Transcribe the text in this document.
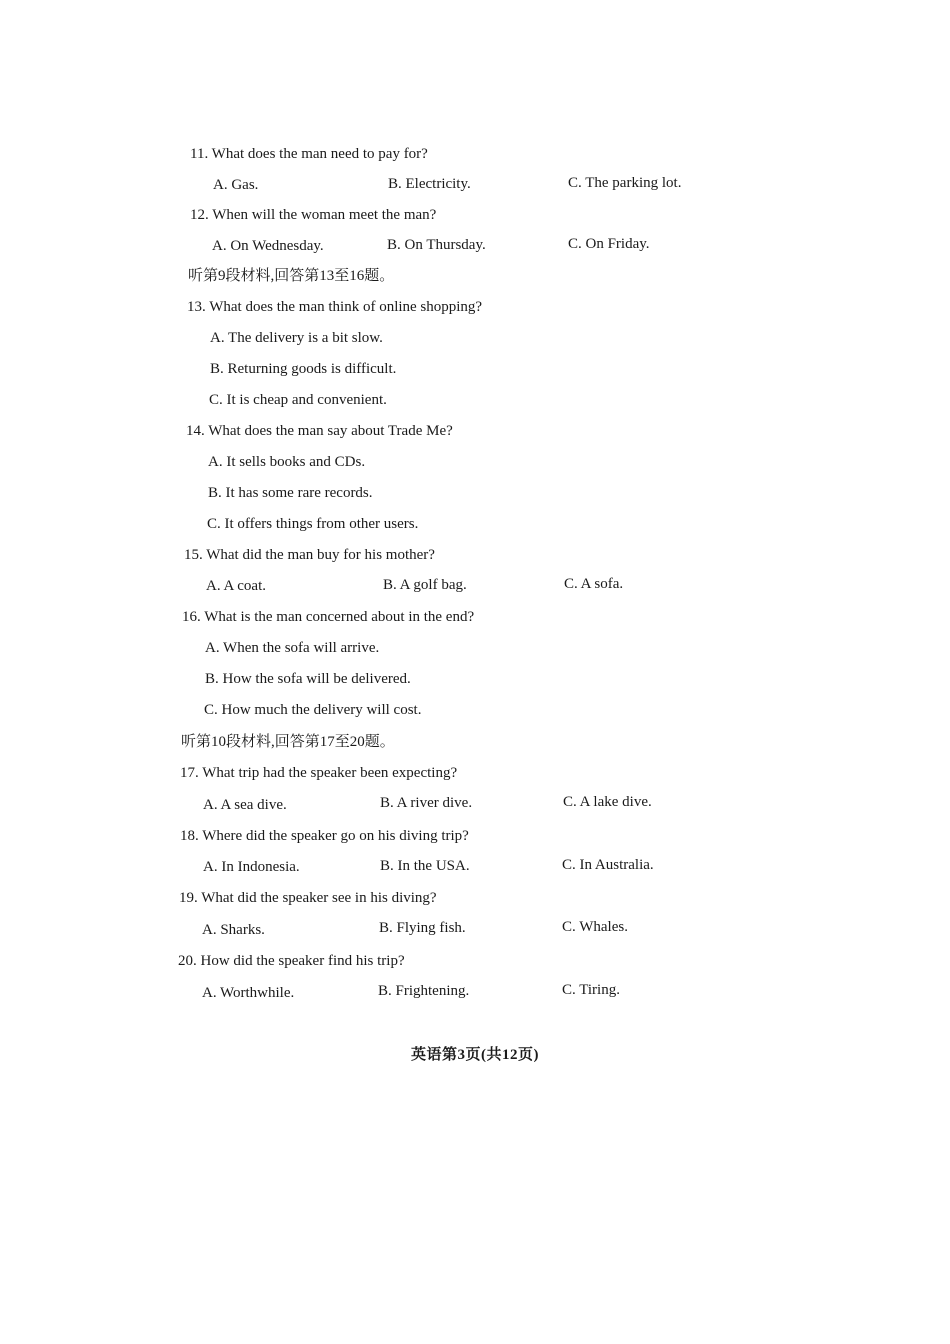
11. What does the man need to pay for?
A. Gas.	B. Electricity.	C. The parking lot.
12. When will the woman meet the man?
A. On Wednesday.	B. On Thursday.	C. On Friday.
听第9段材料,回答第13至16题。
13. What does the man think of online shopping?
A. The delivery is a bit slow.
B. Returning goods is difficult.
C. It is cheap and convenient.
14. What does the man say about Trade Me?
A. It sells books and CDs.
B. It has some rare records.
C. It offers things from other users.
15. What did the man buy for his mother?
A. A coat.	B. A golf bag.	C. A sofa.
16. What is the man concerned about in the end?
A. When the sofa will arrive.
B. How the sofa will be delivered.
C. How much the delivery will cost.
听第10段材料,回答第17至20题。
17. What trip had the speaker been expecting?
A. A sea dive.	B. A river dive.	C. A lake dive.
18. Where did the speaker go on his diving trip?
A. In Indonesia.	B. In the USA.	C. In Australia.
19. What did the speaker see in his diving?
A. Sharks.	B. Flying fish.	C. Whales.
20. How did the speaker find his trip?
A. Worthwhile.	B. Frightening.	C. Tiring.
英语第3页(共12页)
